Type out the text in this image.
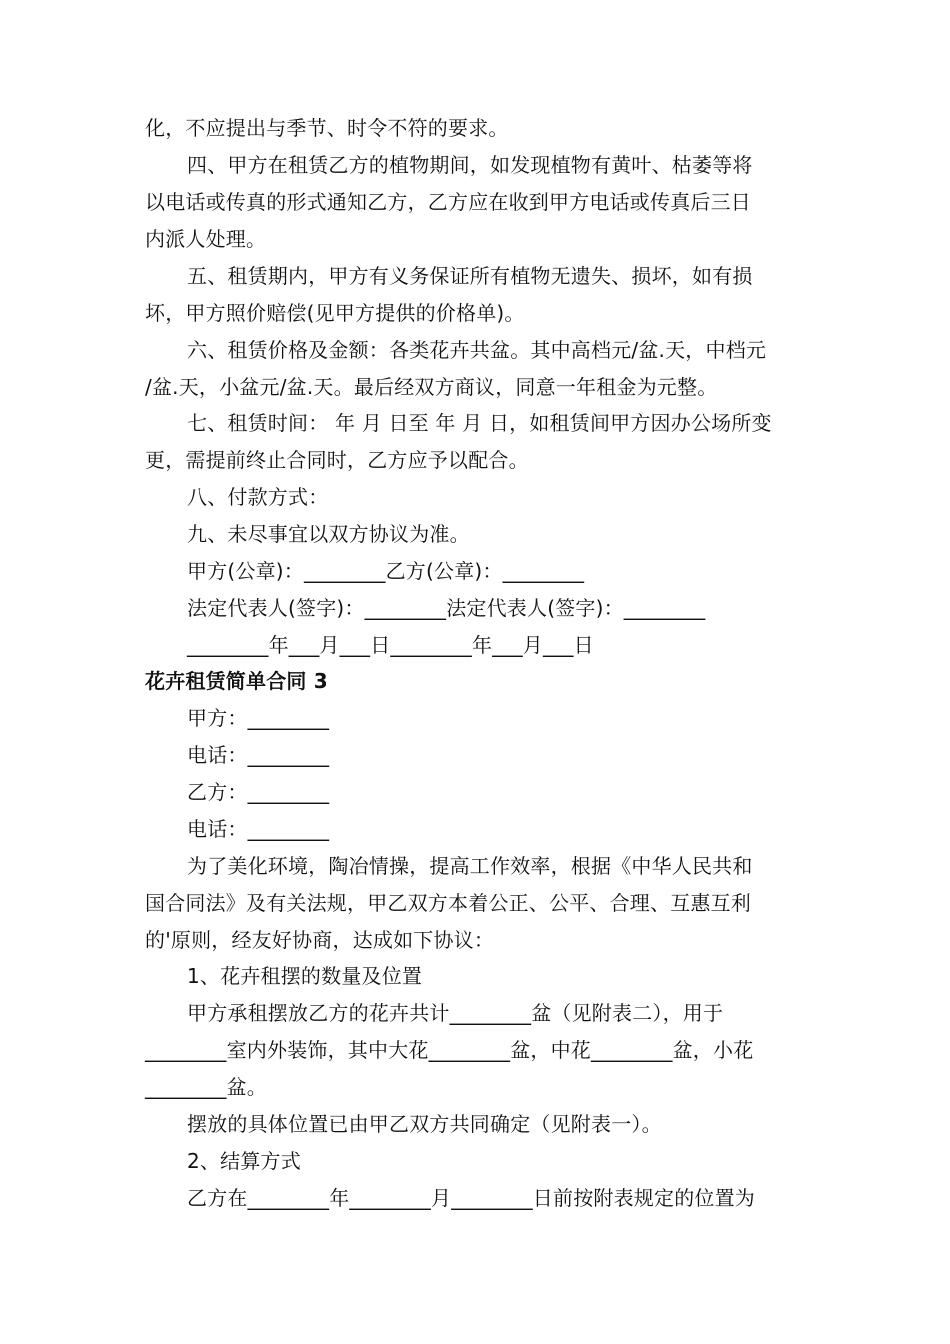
化，不应提出与季节、时令不符的要求。
四、甲方在租赁乙方的植物期间，如发现植物有黄叶、枯萎等将
以电话或传真的形式通知乙方，乙方应在收到甲方电话或传真后三日
内派人处理。
五、租赁期内，甲方有义务保证所有植物无遗失、损坏，如有损
坏，甲方照价赔偿(见甲方提供的价格单)。
六、租赁价格及金额：各类花卉共盆。其中高档元/盆.天，中档元
/盆.天，小盆元/盆.天。最后经双方商议，同意一年租金为元整。
七、租赁时间： 年 月 日至 年 月 日，如租赁间甲方因办公场所变
更，需提前终止合同时，乙方应予以配合。
八、付款方式：
九、未尽事宜以双方协议为准。
甲方(公章)：________乙方(公章)：________
法定代表人(签字)：________法定代表人(签字)：________
________年___月___日________年___月___日
花卉租赁简单合同 3
甲方：________
电话：________
乙方：________
电话：________
为了美化环境，陶冶情操，提高工作效率，根据《中华人民共和
国合同法》及有关法规，甲乙双方本着公正、公平、合理、互惠互利
的'原则，经友好协商，达成如下协议：
1、花卉租摆的数量及位置
甲方承租摆放乙方的花卉共计________盆（见附表二），用于
________室内外装饰，其中大花________盆，中花________盆，小花
________盆。
摆放的具体位置已由甲乙双方共同确定（见附表一）。
2、结算方式
乙方在________年________月________日前按附表规定的位置为
